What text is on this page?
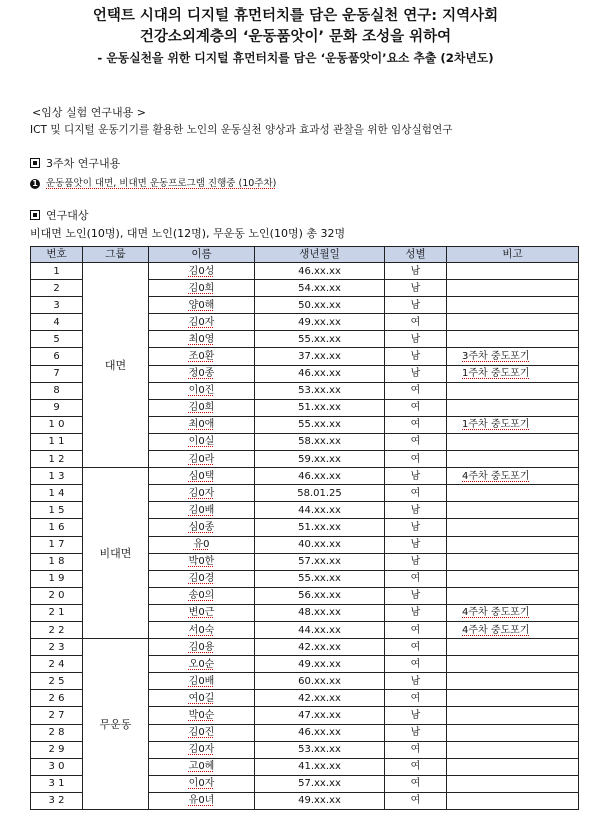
언택트 시대의 디지털 휴먼터치를 담은 운동실천 연구: 지역사회
건강소외계층의 ‘운동품앗이’ 문화 조성을 위하여
- 운동실천을 위한 디지털 휴먼터치를 담은 ‘운동품앗이’요소 추출 (2차년도)
<임상 실험 연구내용 >
ICT 및 디지털 운동기기를 활용한 노인의 운동실천 양상과 효과성 관찰을 위한 임상실험연구
3주차 연구내용
1 운동품앗이 대면, 비대면 운동프로그램 진행중 (10주차)
연구대상
비대면 노인(10명), 대면 노인(12명), 무운동 노인(10명) 총 32명
번호	그룹	이름	생년월일	성별	비고
1	대면	김0성	46.xx.xx	남	
2		김0희	54.xx.xx	남	
3		양0해	50.xx.xx	남	
4		김0자	49.xx.xx	여	
5		최0영	55.xx.xx	남	
6		조0환	37.xx.xx	남	3주차 중도포기
7		정0종	46.xx.xx	남	1주차 중도포기
8		이0진	53.xx.xx	여	
9		김0희	51.xx.xx	여	
1 0		최0애	55.xx.xx	여	1주차 중도포기
1 1		이0실	58.xx.xx	여	
1 2		김0라	59.xx.xx	여	
1 3	비대면	심0택	46.xx.xx	남	4주차 중도포기
1 4		김0자	58.01.25	여	
1 5		김0배	44.xx.xx	남	
1 6		심0종	51.xx.xx	남	
1 7		유0	40.xx.xx	남	
1 8		박0한	57.xx.xx	남	
1 9		김0경	55.xx.xx	여	
2 0		송0의	56.xx.xx	남	
2 1		변0근	48.xx.xx	남	4주차 중도포기
2 2		서0숙	44.xx.xx	여	4주차 중도포기
2 3	무운동	김0용	42.xx.xx	여	
2 4		오0순	49.xx.xx	여	
2 5		김0배	60.xx.xx	남	
2 6		여0길	42.xx.xx	여	
2 7		박0순	47.xx.xx	남	
2 8		김0진	46.xx.xx	남	
2 9		김0자	53.xx.xx	여	
3 0		고0혜	41.xx.xx	여	
3 1		이0자	57.xx.xx	여	
3 2		유0녀	49.xx.xx	여	
